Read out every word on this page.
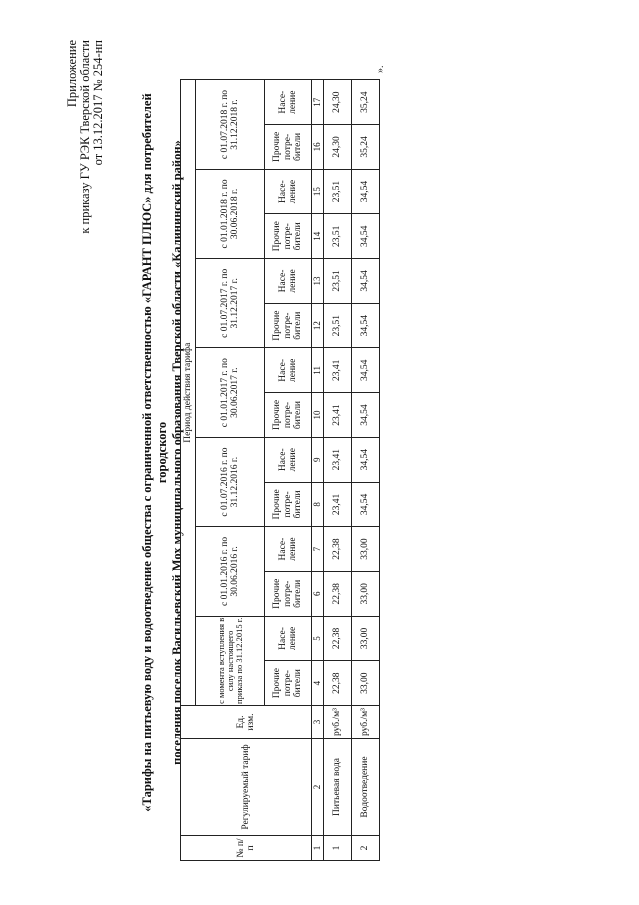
Приложение к приказу ГУ РЭК Тверской области от 13.12.2017 № 254-нп	«Тарифы на питьевую воду и водоотведение общества с ограниченной ответственностью «ГАРАНТ ПЛЮС» для потребителей городского поселения поселок Васильевский Мох муниципального образования Тверской области «Калининский район»
№ п/п	Регулируемый тариф	Ед. изм.	Период действия тарифа													
			с момента вступления в силу настоящего приказа по 31.12.2015 г.		с 01.01.2016 г. по 30.06.2016 г.		с 01.07.2016 г. по 31.12.2016 г.		с 01.01.2017 г. по 30.06.2017 г.		с 01.07.2017 г. по 31.12.2017 г.		с 01.01.2018 г. по 30.06.2018 г.		с 01.07.2018 г. по 31.12.2018 г.	
			Прочие потре- бители	Насе- ление	Прочие потре- бители	Насе- ление	Прочие потре- бители	Насе- ление	Прочие потре- бители	Насе- ление	Прочие потре- бители	Насе- ление	Прочие потре- бители	Насе- ление	Прочие потре- бители	Насе- ление
1	2	3	4	5	6	7	8	9	10	11	12	13	14	15	16	17
1	Питьевая вода	руб./м³	22,38	22,38	22,38	22,38	23,41	23,41	23,41	23,41	23,51	23,51	23,51	23,51	24,30	24,30
2	Водоотведение	руб./м³	33,00	33,00	33,00	33,00	34,54	34,54	34,54	34,54	34,54	34,54	34,54	34,54	35,24	35,24
».
